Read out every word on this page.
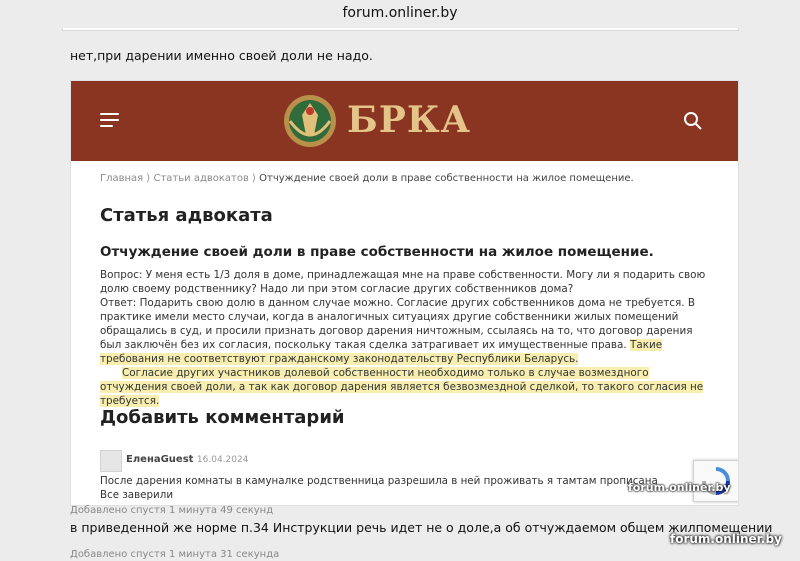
forum.onliner.by
нет,при дарении именно своей доли не надо.
БРКА
Главная ⟩ Статьи адвокатов ⟩ Отчуждение своей доли в праве собственности на жилое помещение.
Статья адвоката
Отчуждение своей доли в праве собственности на жилое помещение.

Вопрос: У меня есть 1/3 доля в доме, принадлежащая мне на праве собственности. Могу ли я подарить свою долю своему родственнику? Надо ли при этом согласие других собственников дома?

Ответ: Подарить свою долю в данном случае можно. Согласие других собственников дома не требуется. В практике имели место случаи, когда в аналогичных ситуациях другие собственники жилых помещений обращались в суд, и просили признать договор дарения ничтожным, ссылаясь на то, что договор дарения был заключён без их согласия, поскольку такая сделка затрагивает их имущественные права. Такие требования не соответствуют гражданскому законодательству Республики Беларусь.

Согласие других участников долевой собственности необходимо только в случае возмездного отчуждения своей доли, а так как договор дарения является безвозмездной сделкой, то такого согласия не требуется.

Добавить комментарий
ЕленаGuest 16.04.2024
После дарения комнаты в камуналке родственница разрешила в ней проживать я тамтам прописана Все заверили
forum.onliner.by
Добавлено спустя 1 минута 49 секунд
в приведенной же норме п.34 Инструкции речь идет не о доле,а об отчуждаемом общем жилпомещении
Добавлено спустя 1 минута 31 секунда
forum.onliner.by
